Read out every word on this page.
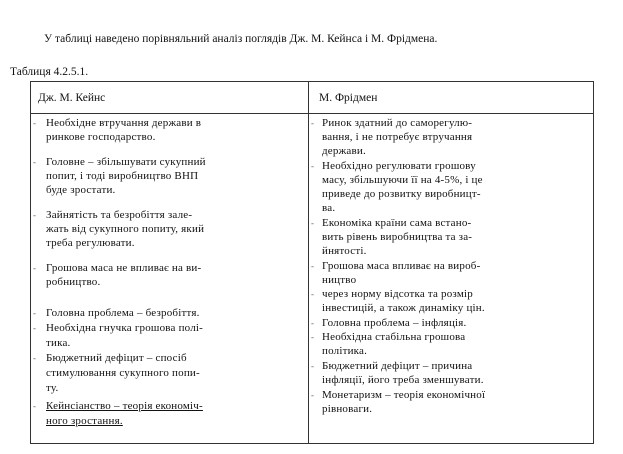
У таблиці наведено порівняльний аналіз поглядів Дж. М. Кейнса і М. Фрідмена.
Таблиця 4.2.5.1.
Дж. М. Кейнс	М. Фрідмен
- Необхідне втручання держави в
ринкове господарство.
- Головне – збільшувати сукупний
попит, і тоді виробництво ВНП
буде зростати.
- Зайнятість та безробіття зале-
жать від сукупного попиту, який
треба регулювати.
- Грошова маса не впливає на ви-
робництво.
- Головна проблема – безробіття.
- Необхідна гнучка грошова полі-
тика.
- Бюджетний дефіцит – спосіб
стимулювання сукупного попи-
ту.
- Кейнсіанство – теорія економіч-
ного зростання.
- Ринок здатний до саморегулю-
вання, і не потребує втручання
держави.
- Необхідно регулювати грошову
масу, збільшуючи її на 4-5%, і це
приведе до розвитку виробницт-
ва.
- Економіка країни сама встано-
вить рівень виробництва та за-
йнятості.
- Грошова маса впливає на вироб-
ництво
- через норму відсотка та розмір
інвестицій, а також динаміку цін.
- Головна проблема – інфляція.
- Необхідна стабільна грошова
політика.
- Бюджетний дефіцит – причина
інфляції, його треба зменшувати.
- Монетаризм – теорія економічної
рівноваги.
